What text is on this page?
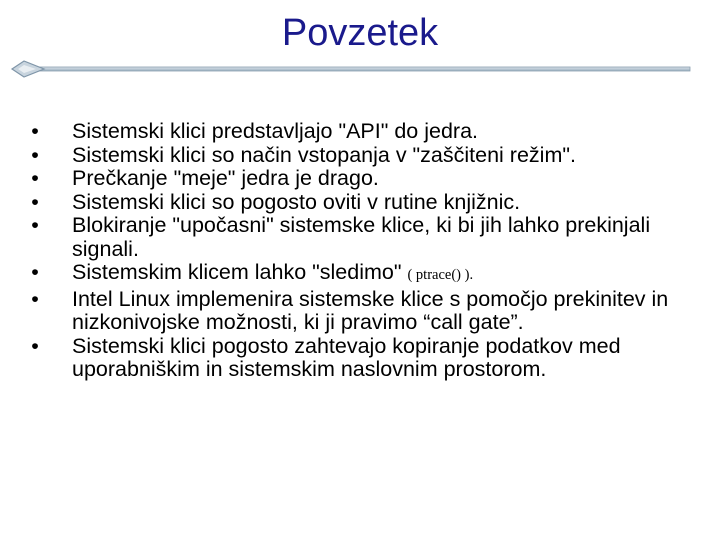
Povzetek
• Sistemski klici predstavljajo "API" do jedra.
• Sistemski klici so način vstopanja v "zaščiteni režim".
• Prečkanje "meje" jedra je drago.
• Sistemski klici so pogosto oviti v rutine knjižnic.
• Blokiranje "upočasni" sistemske klice, ki bi jih lahko prekinjali signali.
• Sistemskim klicem lahko "sledimo" ( ptrace() ).
• Intel Linux implemenira sistemske klice s pomočjo prekinitev in nizkonivojske možnosti, ki ji pravimo “call gate”.
• Sistemski klici pogosto zahtevajo kopiranje podatkov med uporabniškim in sistemskim naslovnim prostorom.
